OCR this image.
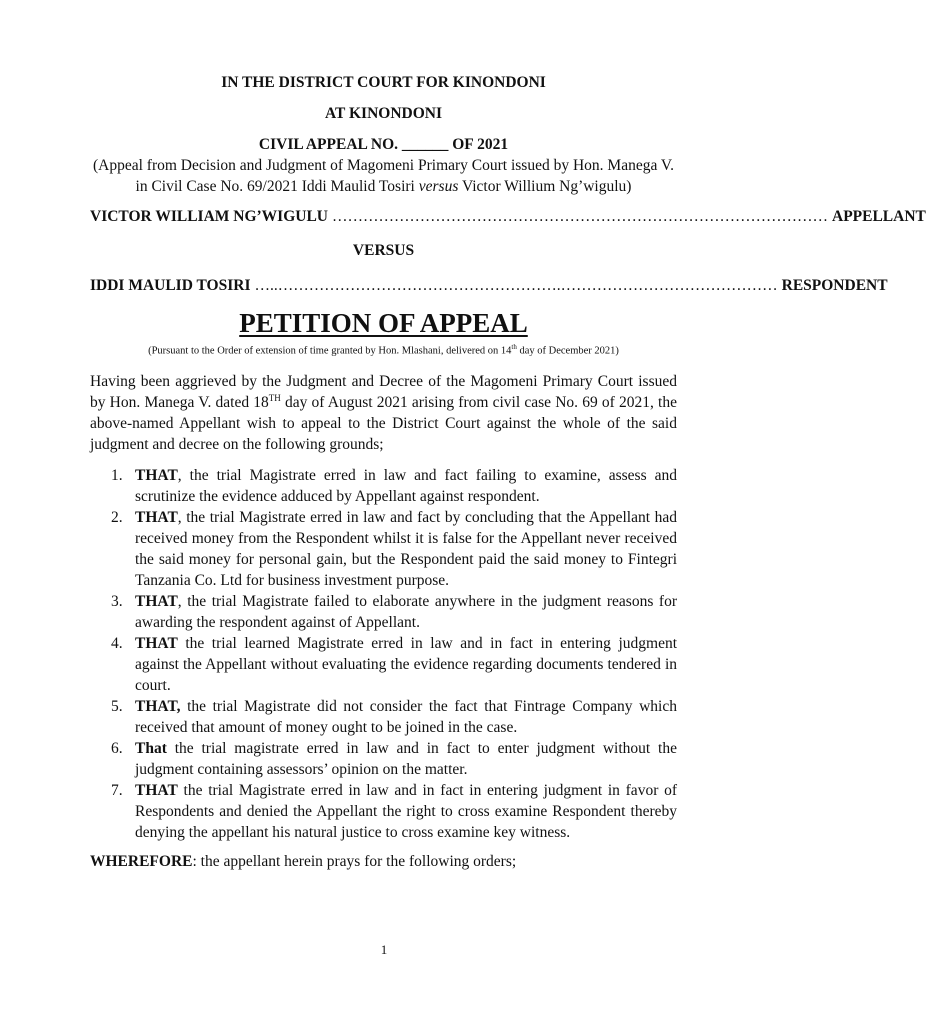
IN THE DISTRICT COURT FOR KINONDONI

AT KINONDONI

CIVIL APPEAL NO. ______ OF 2021

(Appeal from Decision and Judgment of Magomeni Primary Court issued by Hon. Manega V. in Civil Case No. 69/2021 Iddi Maulid Tosiri versus Victor Willium Ng’wigulu)

VICTOR WILLIAM NG’WIGULU …………………………………………………………………………………… APPELLANT

VERSUS

IDDI MAULID TOSIRI …..……………………………………………….…………………………………… RESPONDENT
PETITION OF APPEAL

(Pursuant to the Order of extension of time granted by Hon. Mlashani, delivered on 14th day of December 2021)

Having been aggrieved by the Judgment and Decree of the Magomeni Primary Court issued by Hon. Manega V. dated 18TH day of August 2021 arising from civil case No. 69 of 2021, the above-named Appellant wish to appeal to the District Court against the whole of the said judgment and decree on the following grounds;

1. THAT, the trial Magistrate erred in law and fact failing to examine, assess and scrutinize the evidence adduced by Appellant against respondent.
2. THAT, the trial Magistrate erred in law and fact by concluding that the Appellant had received money from the Respondent whilst it is false for the Appellant never received the said money for personal gain, but the Respondent paid the said money to Fintegri Tanzania Co. Ltd for business investment purpose.
3. THAT, the trial Magistrate failed to elaborate anywhere in the judgment reasons for awarding the respondent against of Appellant.
4. THAT the trial learned Magistrate erred in law and in fact in entering judgment against the Appellant without evaluating the evidence regarding documents tendered in court.
5. THAT, the trial Magistrate did not consider the fact that Fintrage Company which received that amount of money ought to be joined in the case.
6. That the trial magistrate erred in law and in fact to enter judgment without the judgment containing assessors’ opinion on the matter.
7. THAT the trial Magistrate erred in law and in fact in entering judgment in favor of Respondents and denied the Appellant the right to cross examine Respondent thereby denying the appellant his natural justice to cross examine key witness.

WHEREFORE: the appellant herein prays for the following orders;

1
